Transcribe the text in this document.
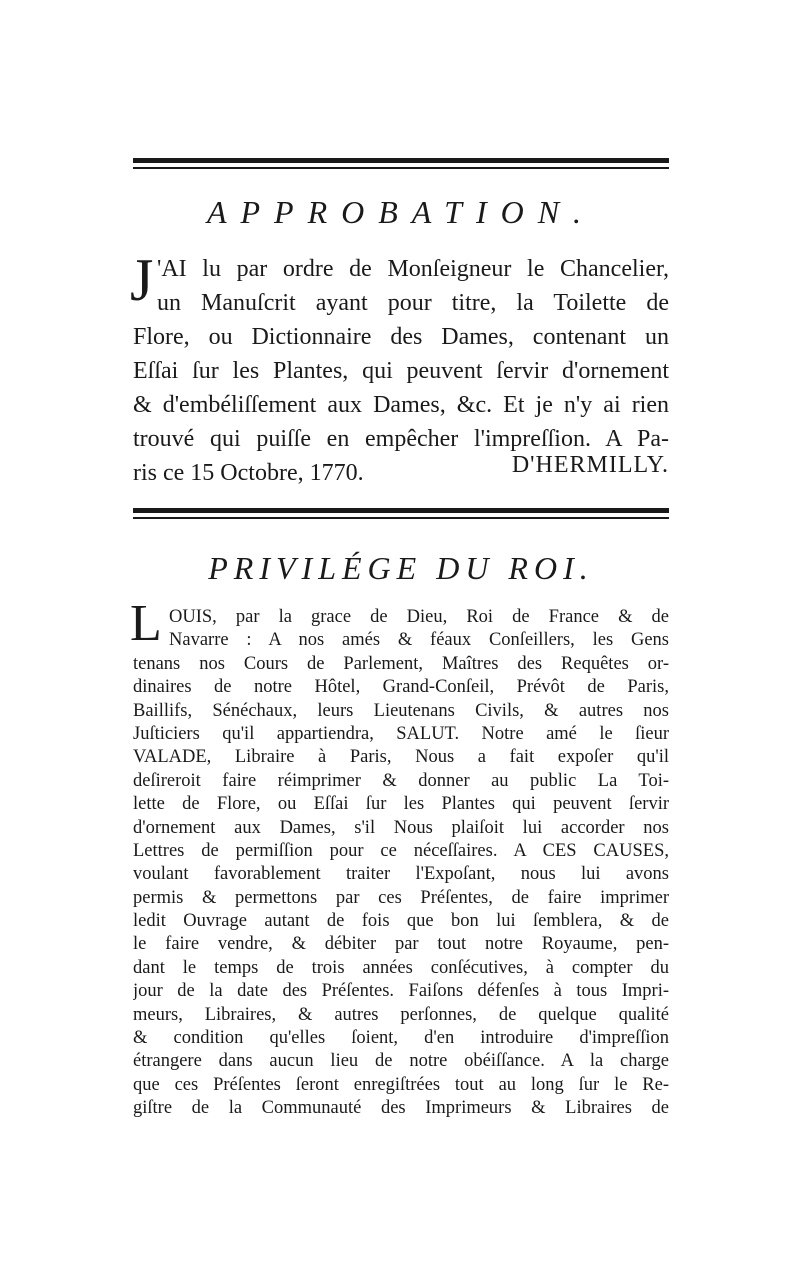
APPROBATION.
J 'AI lu par ordre de Monſeigneur le Chancelier,
un Manuſcrit ayant pour titre, la Toilette de
Flore, ou Dictionnaire des Dames, contenant un
Eſſai ſur les Plantes, qui peuvent ſervir d'ornement
& d'embéliſſement aux Dames, &c. Et je n'y ai rien
trouvé qui puiſſe en empêcher l'impreſſion. A Pa-
ris ce 15 Octobre, 1770.	D'HERMILLY.

PRIVILÉGE DU ROI.
L OUIS, par la grace de Dieu, Roi de France & de
Navarre : A nos amés & féaux Conſeillers, les Gens
tenans nos Cours de Parlement, Maîtres des Requêtes or-
dinaires de notre Hôtel, Grand-Conſeil, Prévôt de Paris,
Baillifs, Sénéchaux, leurs Lieutenans Civils, & autres nos
Juſticiers qu'il appartiendra, SALUT. Notre amé le ſieur
VALADE, Libraire à Paris, Nous a fait expoſer qu'il
deſireroit faire réimprimer & donner au public La Toi-
lette de Flore, ou Eſſai ſur les Plantes qui peuvent ſervir
d'ornement aux Dames, s'il Nous plaiſoit lui accorder nos
Lettres de permiſſion pour ce néceſſaires. A CES CAUSES,
voulant favorablement traiter l'Expoſant, nous lui avons
permis & permettons par ces Préſentes, de faire imprimer
ledit Ouvrage autant de fois que bon lui ſemblera, & de
le faire vendre, & débiter par tout notre Royaume, pen-
dant le temps de trois années conſécutives, à compter du
jour de la date des Préſentes. Faiſons défenſes à tous Impri-
meurs, Libraires, & autres perſonnes, de quelque qualité
& condition qu'elles ſoient, d'en introduire d'impreſſion
étrangere dans aucun lieu de notre obéiſſance. A la charge
que ces Préſentes ſeront enregiſtrées tout au long ſur le Re-
giſtre de la Communauté des Imprimeurs & Libraires de
